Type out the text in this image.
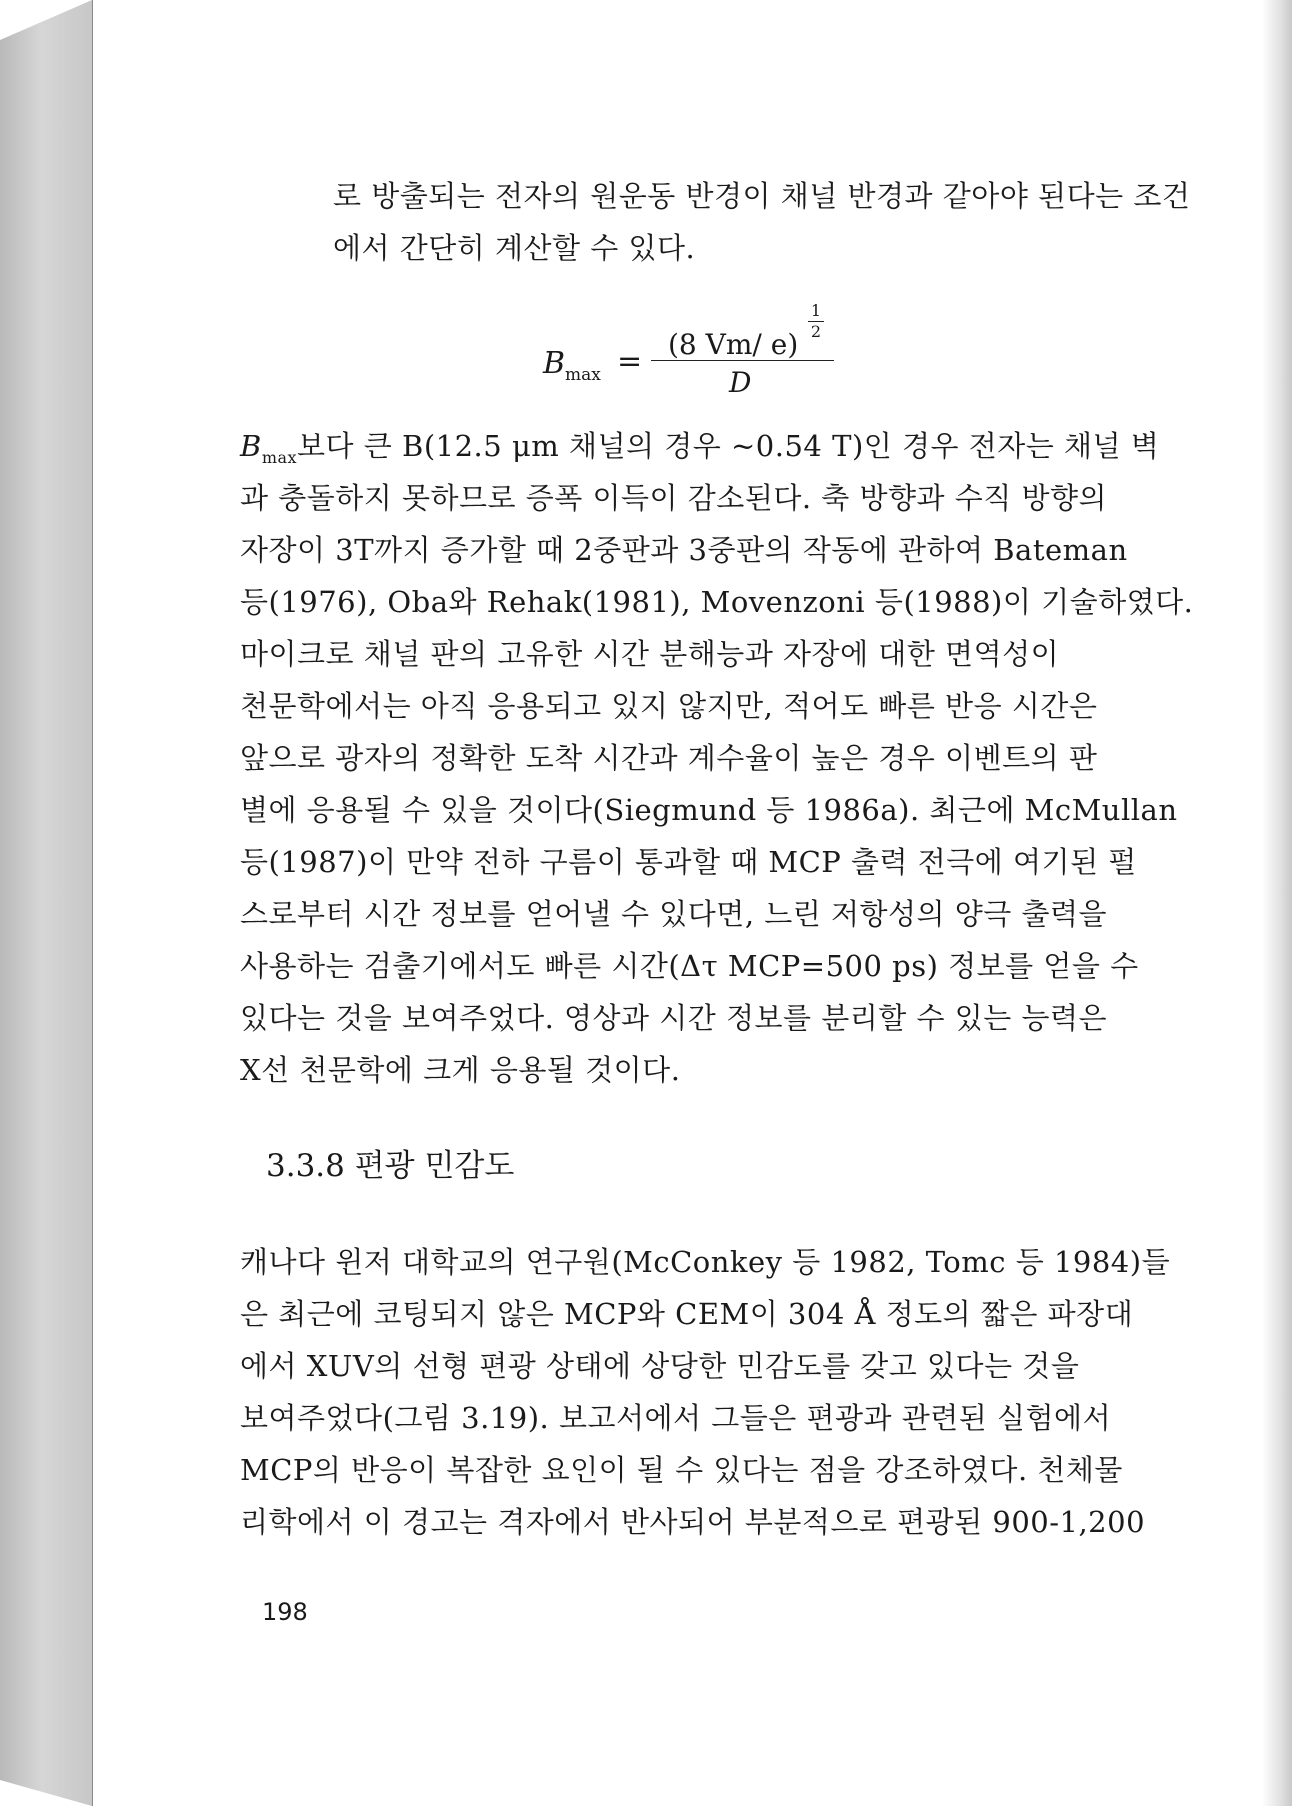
로 방출되는 전자의 원운동 반경이 채널 반경과 같아야 된다는 조건
에서 간단히 계산할 수 있다.
$B_{max} = (8$ Vm/ e)
1
2
D
$B_{max}$보다 큰 B(12.5 μm 채널의 경우 ~0.54 T)인 경우 전자는 채널 벽
과 충돌하지 못하므로 증폭 이득이 감소된다. 축 방향과 수직 방향의
자장이 3T까지 증가할 때 2중판과 3중판의 작동에 관하여 Bateman
등(1976), Oba와 Rehak(1981), Movenzoni 등(1988)이 기술하였다.
마이크로 채널 판의 고유한 시간 분해능과 자장에 대한 면역성이
천문학에서는 아직 응용되고 있지 않지만, 적어도 빠른 반응 시간은
앞으로 광자의 정확한 도착 시간과 계수율이 높은 경우 이벤트의 판
별에 응용될 수 있을 것이다(Siegmund 등 1986a). 최근에 McMullan
등(1987)이 만약 전하 구름이 통과할 때 MCP 출력 전극에 여기된 펄
스로부터 시간 정보를 얻어낼 수 있다면, 느린 저항성의 양극 출력을
사용하는 검출기에서도 빠른 시간(Δτ MCP=500 ps) 정보를 얻을 수
있다는 것을 보여주었다. 영상과 시간 정보를 분리할 수 있는 능력은
X선 천문학에 크게 응용될 것이다.
3.3.8 편광 민감도
캐나다 윈저 대학교의 연구원(McConkey 등 1982, Tomc 등 1984)들
은 최근에 코팅되지 않은 MCP와 CEM이 304 Å 정도의 짧은 파장대
에서 XUV의 선형 편광 상태에 상당한 민감도를 갖고 있다는 것을
보여주었다(그림 3.19). 보고서에서 그들은 편광과 관련된 실험에서
MCP의 반응이 복잡한 요인이 될 수 있다는 점을 강조하였다. 천체물
리학에서 이 경고는 격자에서 반사되어 부분적으로 편광된 900-1,200
198
